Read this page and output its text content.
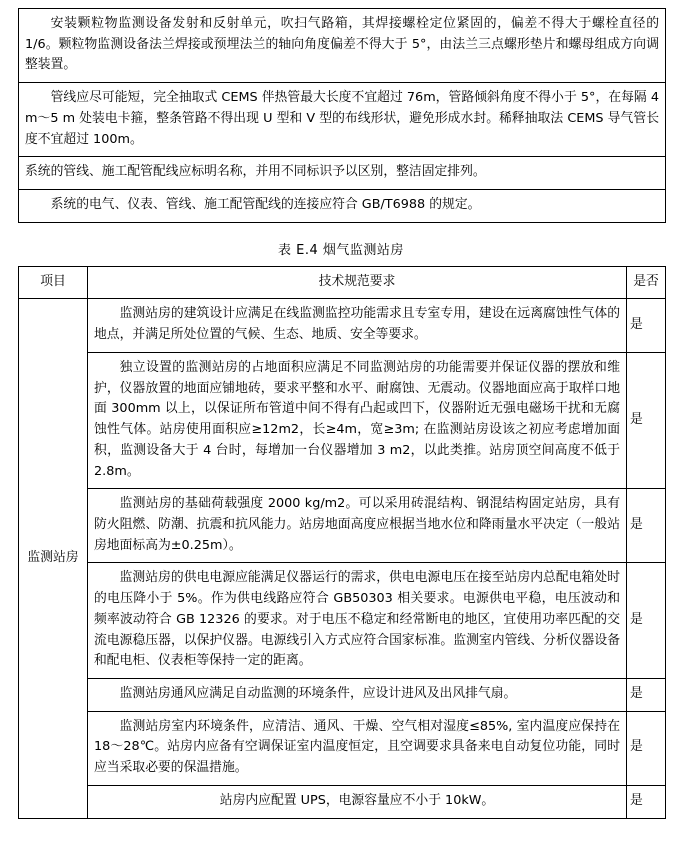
安装颗粒物监测设备发射和反射单元，吹扫气路箱，其焊接螺栓定位紧固的，偏差不得大于螺栓直径的 1/6。颗粒物监测设备法兰焊接或预埋法兰的轴向角度偏差不得大于 5°，由法兰三点螺形垫片和螺母组成方向调整装置。
管线应尽可能短，完全抽取式 CEMS 伴热管最大长度不宜超过 76m，管路倾斜角度不得小于 5°，在每隔 4 m～5 m 处装电卡箍，整条管路不得出现 U 型和 V 型的布线形状，避免形成水封。稀释抽取法 CEMS 导气管长度不宜超过 100m。
系统的管线、施工配管配线应标明名称，并用不同标识予以区别，整洁固定排列。
系统的电气、仪表、管线、施工配管配线的连接应符合 GB/T6988 的规定。
表 E.4 烟气监测站房
项目	技术规范要求	是否
监测站房	监测站房的建筑设计应满足在线监测监控功能需求且专室专用，建设在远离腐蚀性气体的地点，并满足所处位置的气候、生态、地质、安全等要求。	是

	独立设置的监测站房的占地面积应满足不同监测站房的功能需要并保证仪器的摆放和维护，仪器放置的地面应铺地砖，要求平整和水平、耐腐蚀、无震动。仪器地面应高于取样口地面 300mm 以上，以保证所布管道中间不得有凸起或凹下，仪器附近无强电磁场干扰和无腐蚀性气体。站房使用面积应≥12m2，长≥4m，宽≥3m; 在监测站房设该之初应考虑增加面积，监测设备大于 4 台时，每增加一台仪器增加 3 m2，以此类推。站房顶空间高度不低于 2.8m。	是

	监测站房的基础荷载强度 2000 kg/m2。可以采用砖混结构、钢混结构固定站房，具有防火阻燃、防潮、抗震和抗风能力。站房地面高度应根据当地水位和降雨量水平决定（一般站房地面标高为±0.25m）。	是

	监测站房的供电电源应能满足仪器运行的需求，供电电源电压在接至站房内总配电箱处时的电压降小于 5%。作为供电线路应符合 GB50303 相关要求。电源供电平稳，电压波动和频率波动符合 GB 12326 的要求。对于电压不稳定和经常断电的地区，宜使用功率匹配的交流电源稳压器，以保护仪器。电源线引入方式应符合国家标准。监测室内管线、分析仪器设备和配电柜、仪表柜等保持一定的距离。	是

	监测站房通风应满足自动监测的环境条件，应设计进风及出风排气扇。	是

	监测站房室内环境条件，应清洁、通风、干燥、空气相对湿度≤85%, 室内温度应保持在 18～28℃。站房内应备有空调保证室内温度恒定，且空调要求具备来电自动复位功能，同时应当采取必要的保温措施。	是

	站房内应配置 UPS，电源容量应不小于 10kW。	是
